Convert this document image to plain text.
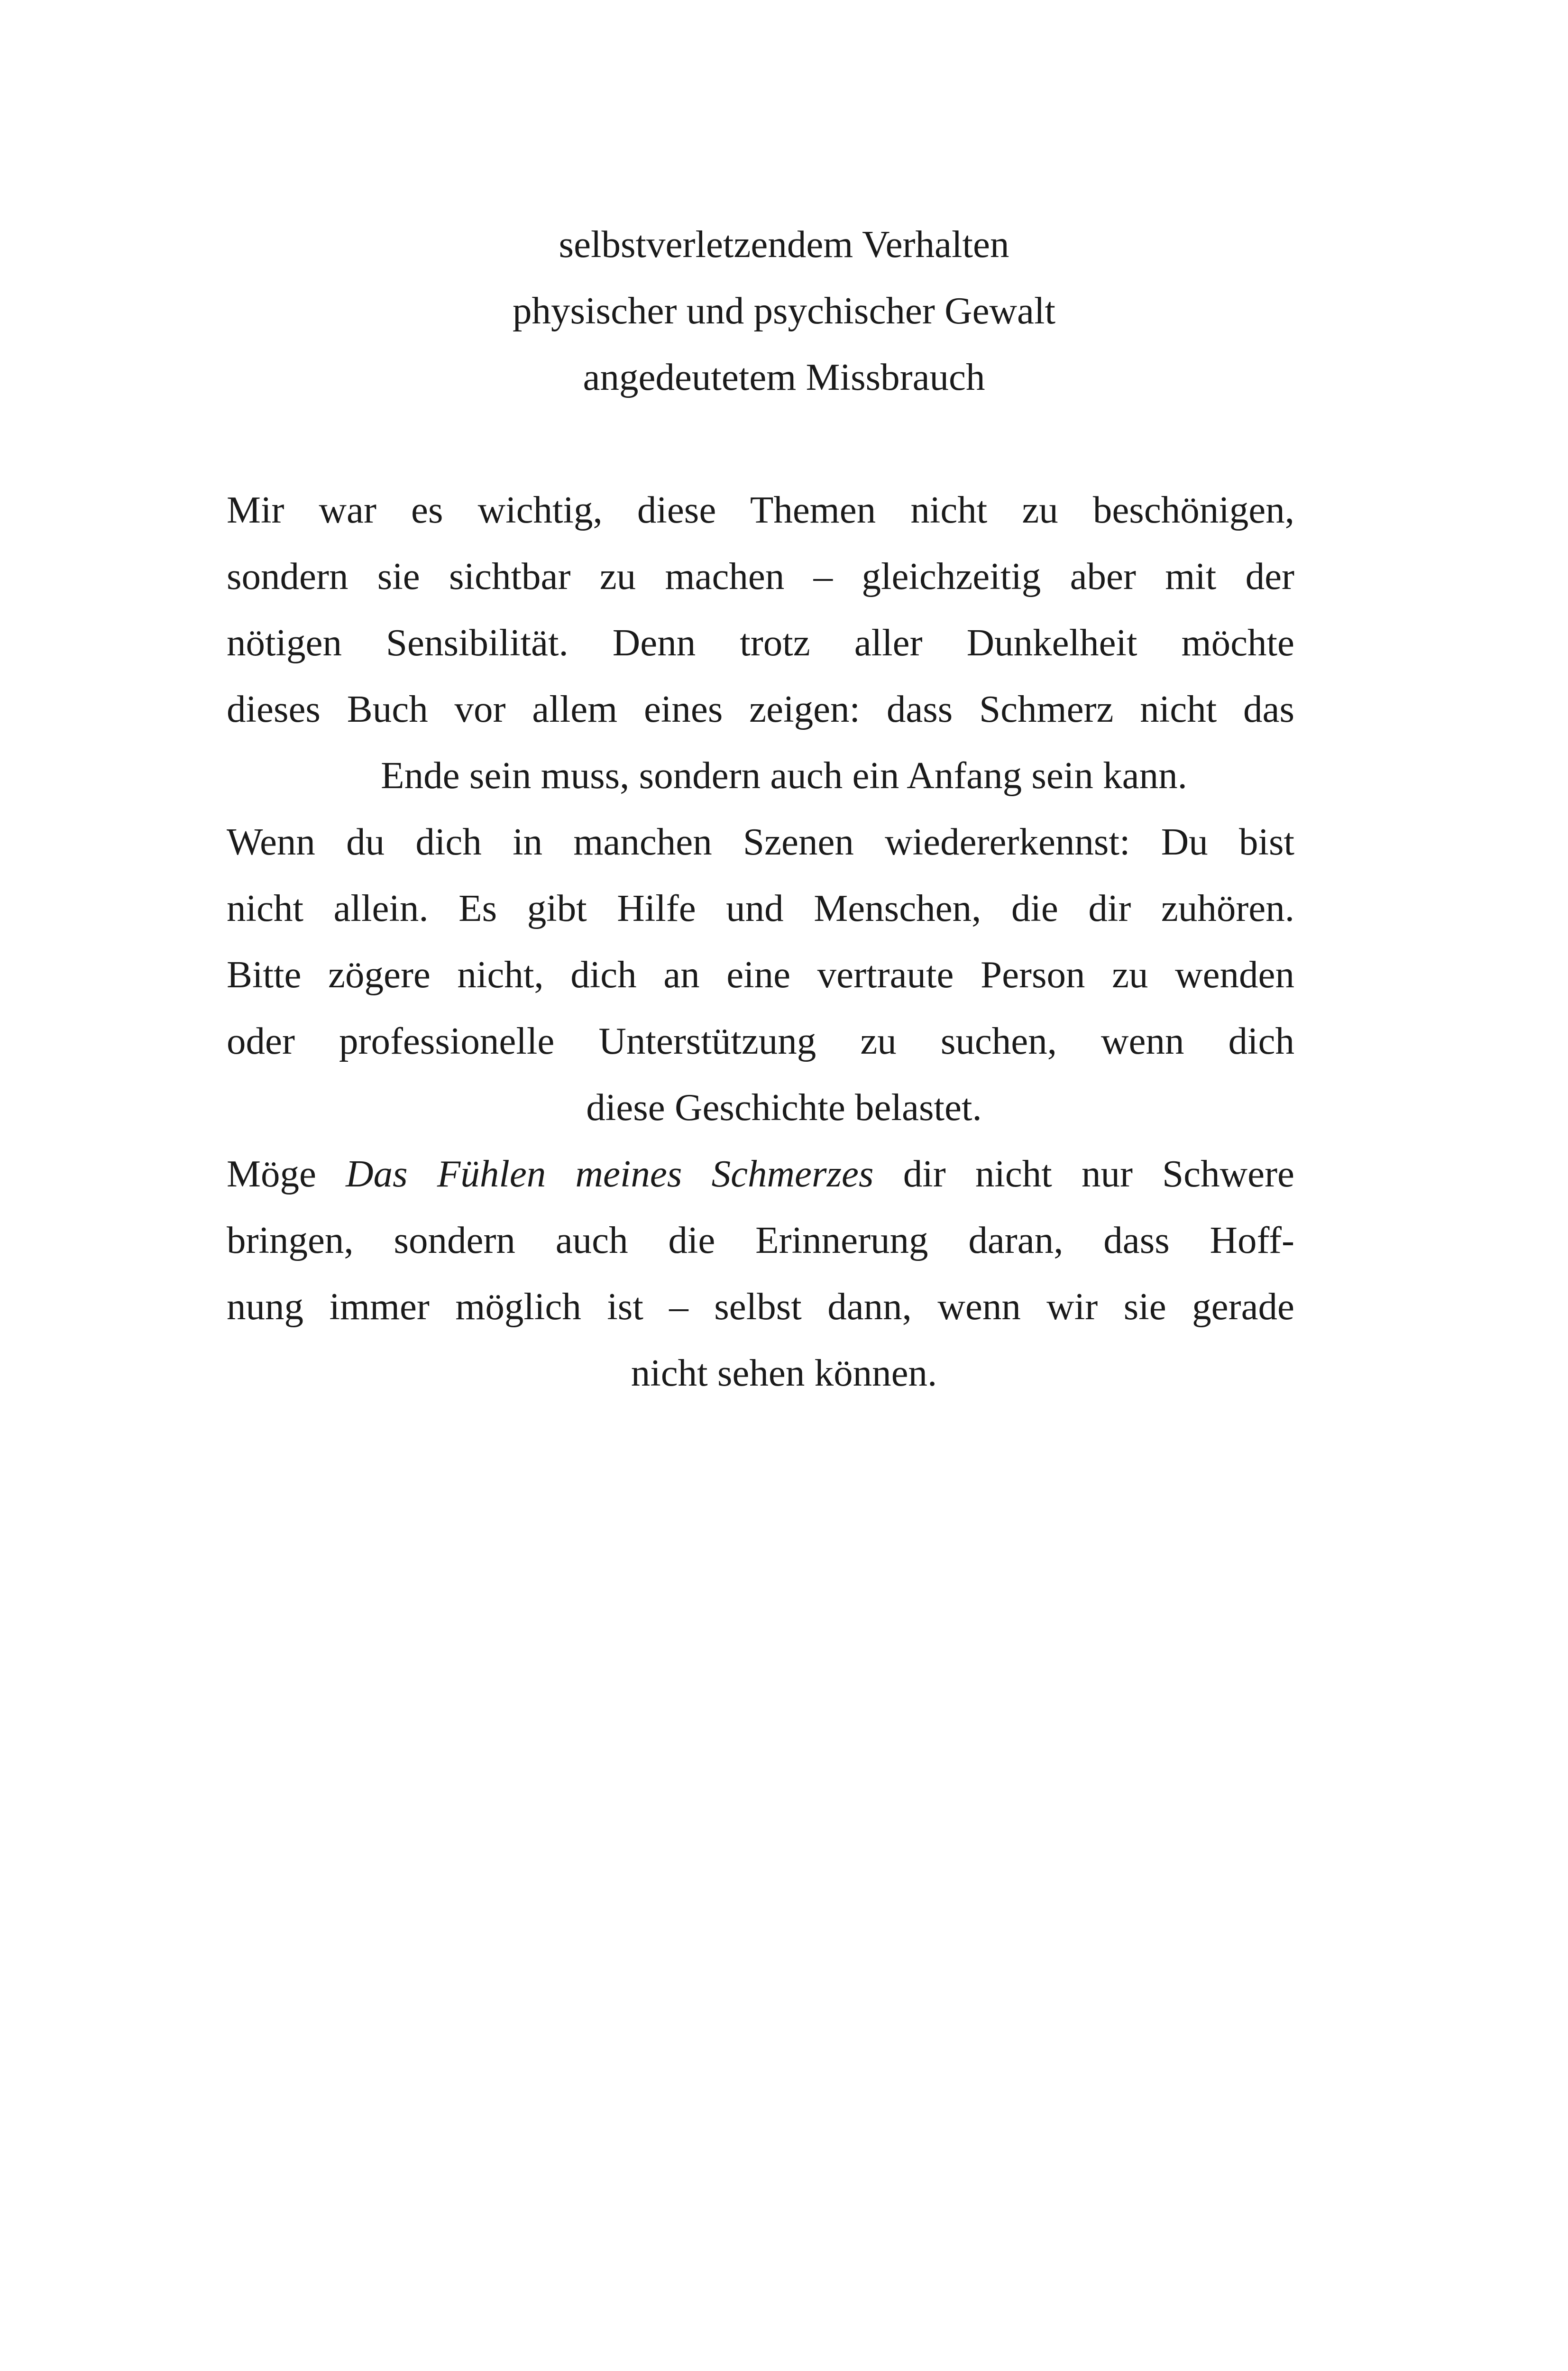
selbstverletzendem Verhalten
physischer und psychischer Gewalt
angedeutetem Missbrauch
Mir war es wichtig, diese Themen nicht zu beschönigen,
sondern sie sichtbar zu machen – gleichzeitig aber mit der
nötigen Sensibilität. Denn trotz aller Dunkelheit möchte
dieses Buch vor allem eines zeigen: dass Schmerz nicht das
Ende sein muss, sondern auch ein Anfang sein kann.
Wenn du dich in manchen Szenen wiedererkennst: Du bist
nicht allein. Es gibt Hilfe und Menschen, die dir zuhören.
Bitte zögere nicht, dich an eine vertraute Person zu wenden
oder professionelle Unterstützung zu suchen, wenn dich
diese Geschichte belastet.
Möge Das Fühlen meines Schmerzes dir nicht nur Schwere
bringen, sondern auch die Erinnerung daran, dass Hoff-
nung immer möglich ist – selbst dann, wenn wir sie gerade
nicht sehen können.
